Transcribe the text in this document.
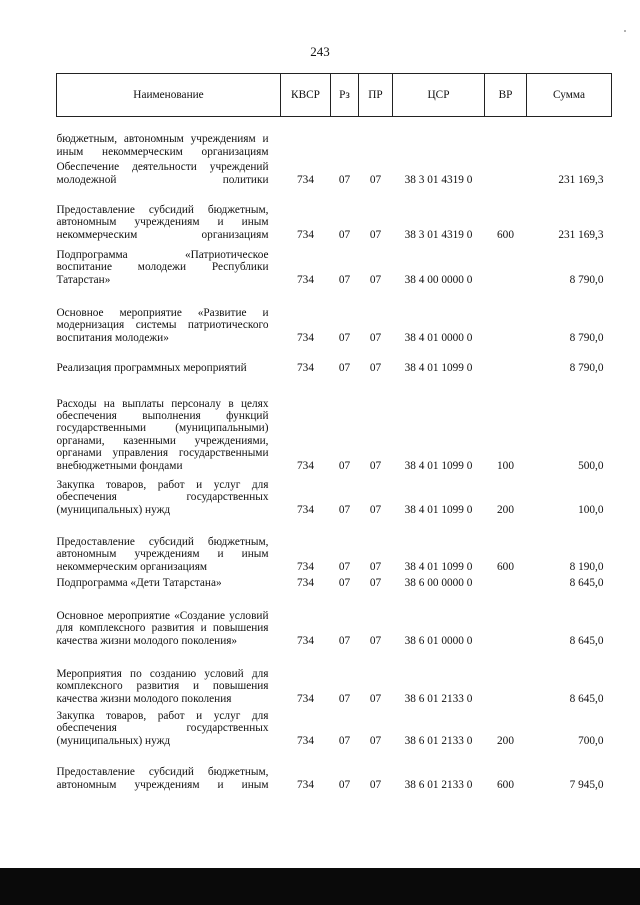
243
Наименование	КВСР	Рз	ПР	ЦСР	ВР	Сумма
бюджетным, автономным учреждениям и иным некоммерческим организациям						
Обеспечение деятельности учреждений молодежной политики	734	07	07	38 3 01 4319 0		231 169,3
Предоставление субсидий бюджетным, автономным учреждениям и иным некоммерческим организациям	734	07	07	38 3 01 4319 0	600	231 169,3
Подпрограмма «Патриотическое воспитание молодежи Республики Татарстан»	734	07	07	38 4 00 0000 0		8 790,0
Основное мероприятие «Развитие и модернизация системы патриотического воспитания молодежи»	734	07	07	38 4 01 0000 0		8 790,0
Реализация программных мероприятий	734	07	07	38 4 01 1099 0		8 790,0
Расходы на выплаты персоналу в целях обеспечения выполнения функций государственными (муниципальными) органами, казенными учреждениями, органами управления государственными внебюджетными фондами	734	07	07	38 4 01 1099 0	100	500,0
Закупка товаров, работ и услуг для обеспечения государственных (муниципальных) нужд	734	07	07	38 4 01 1099 0	200	100,0
Предоставление субсидий бюджетным, автономным учреждениям и иным некоммерческим организациям	734	07	07	38 4 01 1099 0	600	8 190,0
Подпрограмма «Дети Татарстана»	734	07	07	38 6 00 0000 0		8 645,0
Основное мероприятие «Создание условий для комплексного развития и повышения качества жизни молодого поколения»	734	07	07	38 6 01 0000 0		8 645,0
Мероприятия по созданию условий для комплексного развития и повышения качества жизни молодого поколения	734	07	07	38 6 01 2133 0		8 645,0
Закупка товаров, работ и услуг для обеспечения государственных (муниципальных) нужд	734	07	07	38 6 01 2133 0	200	700,0
Предоставление субсидий бюджетным, автономным учреждениям и иным	734	07	07	38 6 01 2133 0	600	7 945,0
